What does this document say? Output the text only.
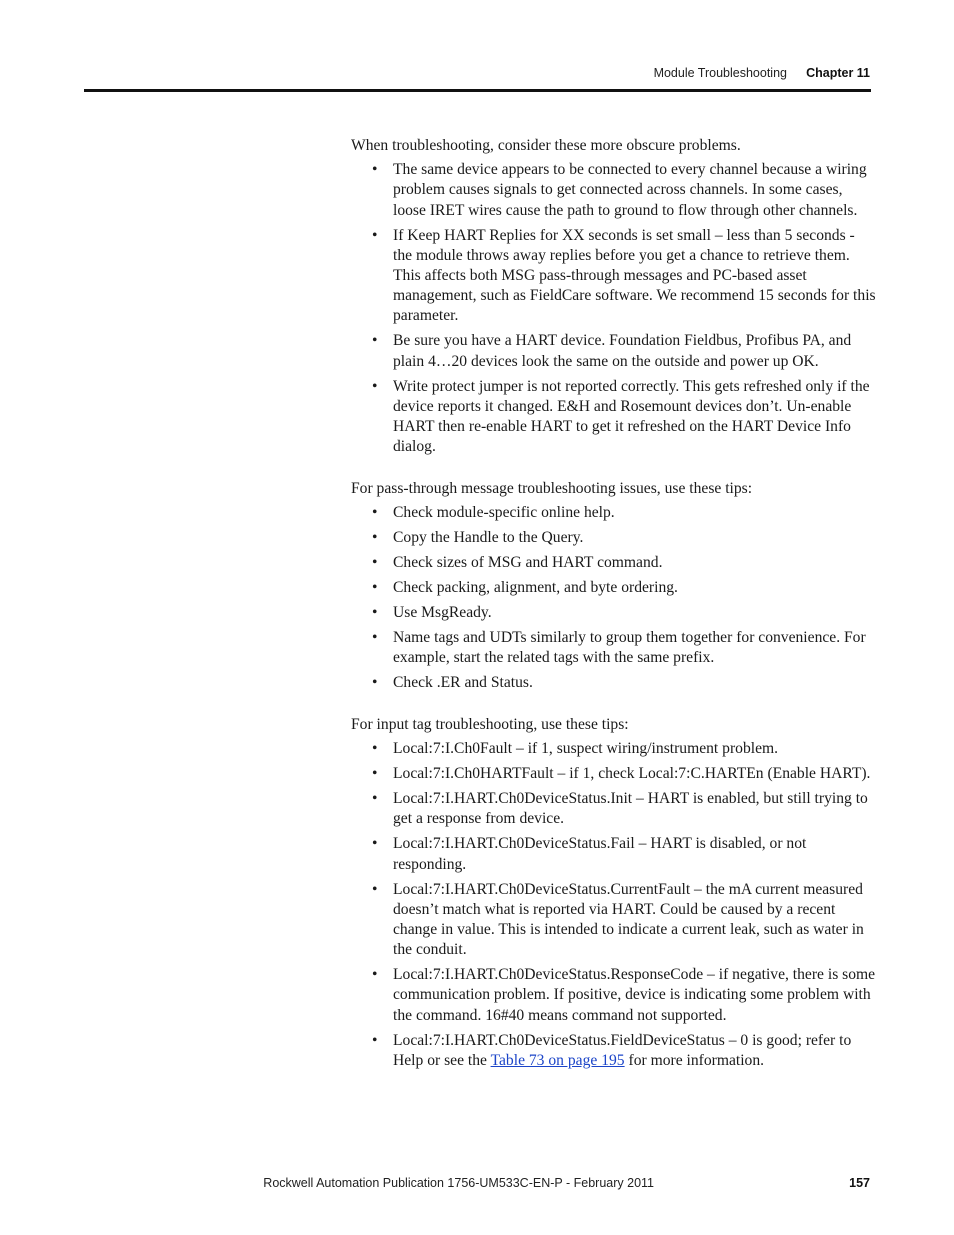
Module Troubleshooting Chapter 11

When troubleshooting, consider these more obscure problems.

• The same device appears to be connected to every channel because a wiring problem causes signals to get connected across channels. In some cases, loose IRET wires cause the path to ground to flow through other channels.
• If Keep HART Replies for XX seconds is set small – less than 5 seconds - the module throws away replies before you get a chance to retrieve them. This affects both MSG pass-through messages and PC-based asset management, such as FieldCare software. We recommend 15 seconds for this parameter.
• Be sure you have a HART device. Foundation Fieldbus, Profibus PA, and plain 4…20 devices look the same on the outside and power up OK.
• Write protect jumper is not reported correctly. This gets refreshed only if the device reports it changed. E&H and Rosemount devices don’t. Un-enable HART then re-enable HART to get it refreshed on the HART Device Info dialog.

For pass-through message troubleshooting issues, use these tips:

• Check module-specific online help.
• Copy the Handle to the Query.
• Check sizes of MSG and HART command.
• Check packing, alignment, and byte ordering.
• Use MsgReady.
• Name tags and UDTs similarly to group them together for convenience. For example, start the related tags with the same prefix.
• Check .ER and Status.

For input tag troubleshooting, use these tips:

• Local:7:I.Ch0Fault – if 1, suspect wiring/instrument problem.
• Local:7:I.Ch0HARTFault – if 1, check Local:7:C.HARTEn (Enable HART).
• Local:7:I.HART.Ch0DeviceStatus.Init – HART is enabled, but still trying to get a response from device.
• Local:7:I.HART.Ch0DeviceStatus.Fail – HART is disabled, or not responding.
• Local:7:I.HART.Ch0DeviceStatus.CurrentFault – the mA current measured doesn’t match what is reported via HART. Could be caused by a recent change in value. This is intended to indicate a current leak, such as water in the conduit.
• Local:7:I.HART.Ch0DeviceStatus.ResponseCode – if negative, there is some communication problem. If positive, device is indicating some problem with the command. 16#40 means command not supported.
• Local:7:I.HART.Ch0DeviceStatus.FieldDeviceStatus – 0 is good; refer to Help or see the Table 73 on page 195 for more information.
Rockwell Automation Publication 1756-UM533C-EN-P - February 2011	157
